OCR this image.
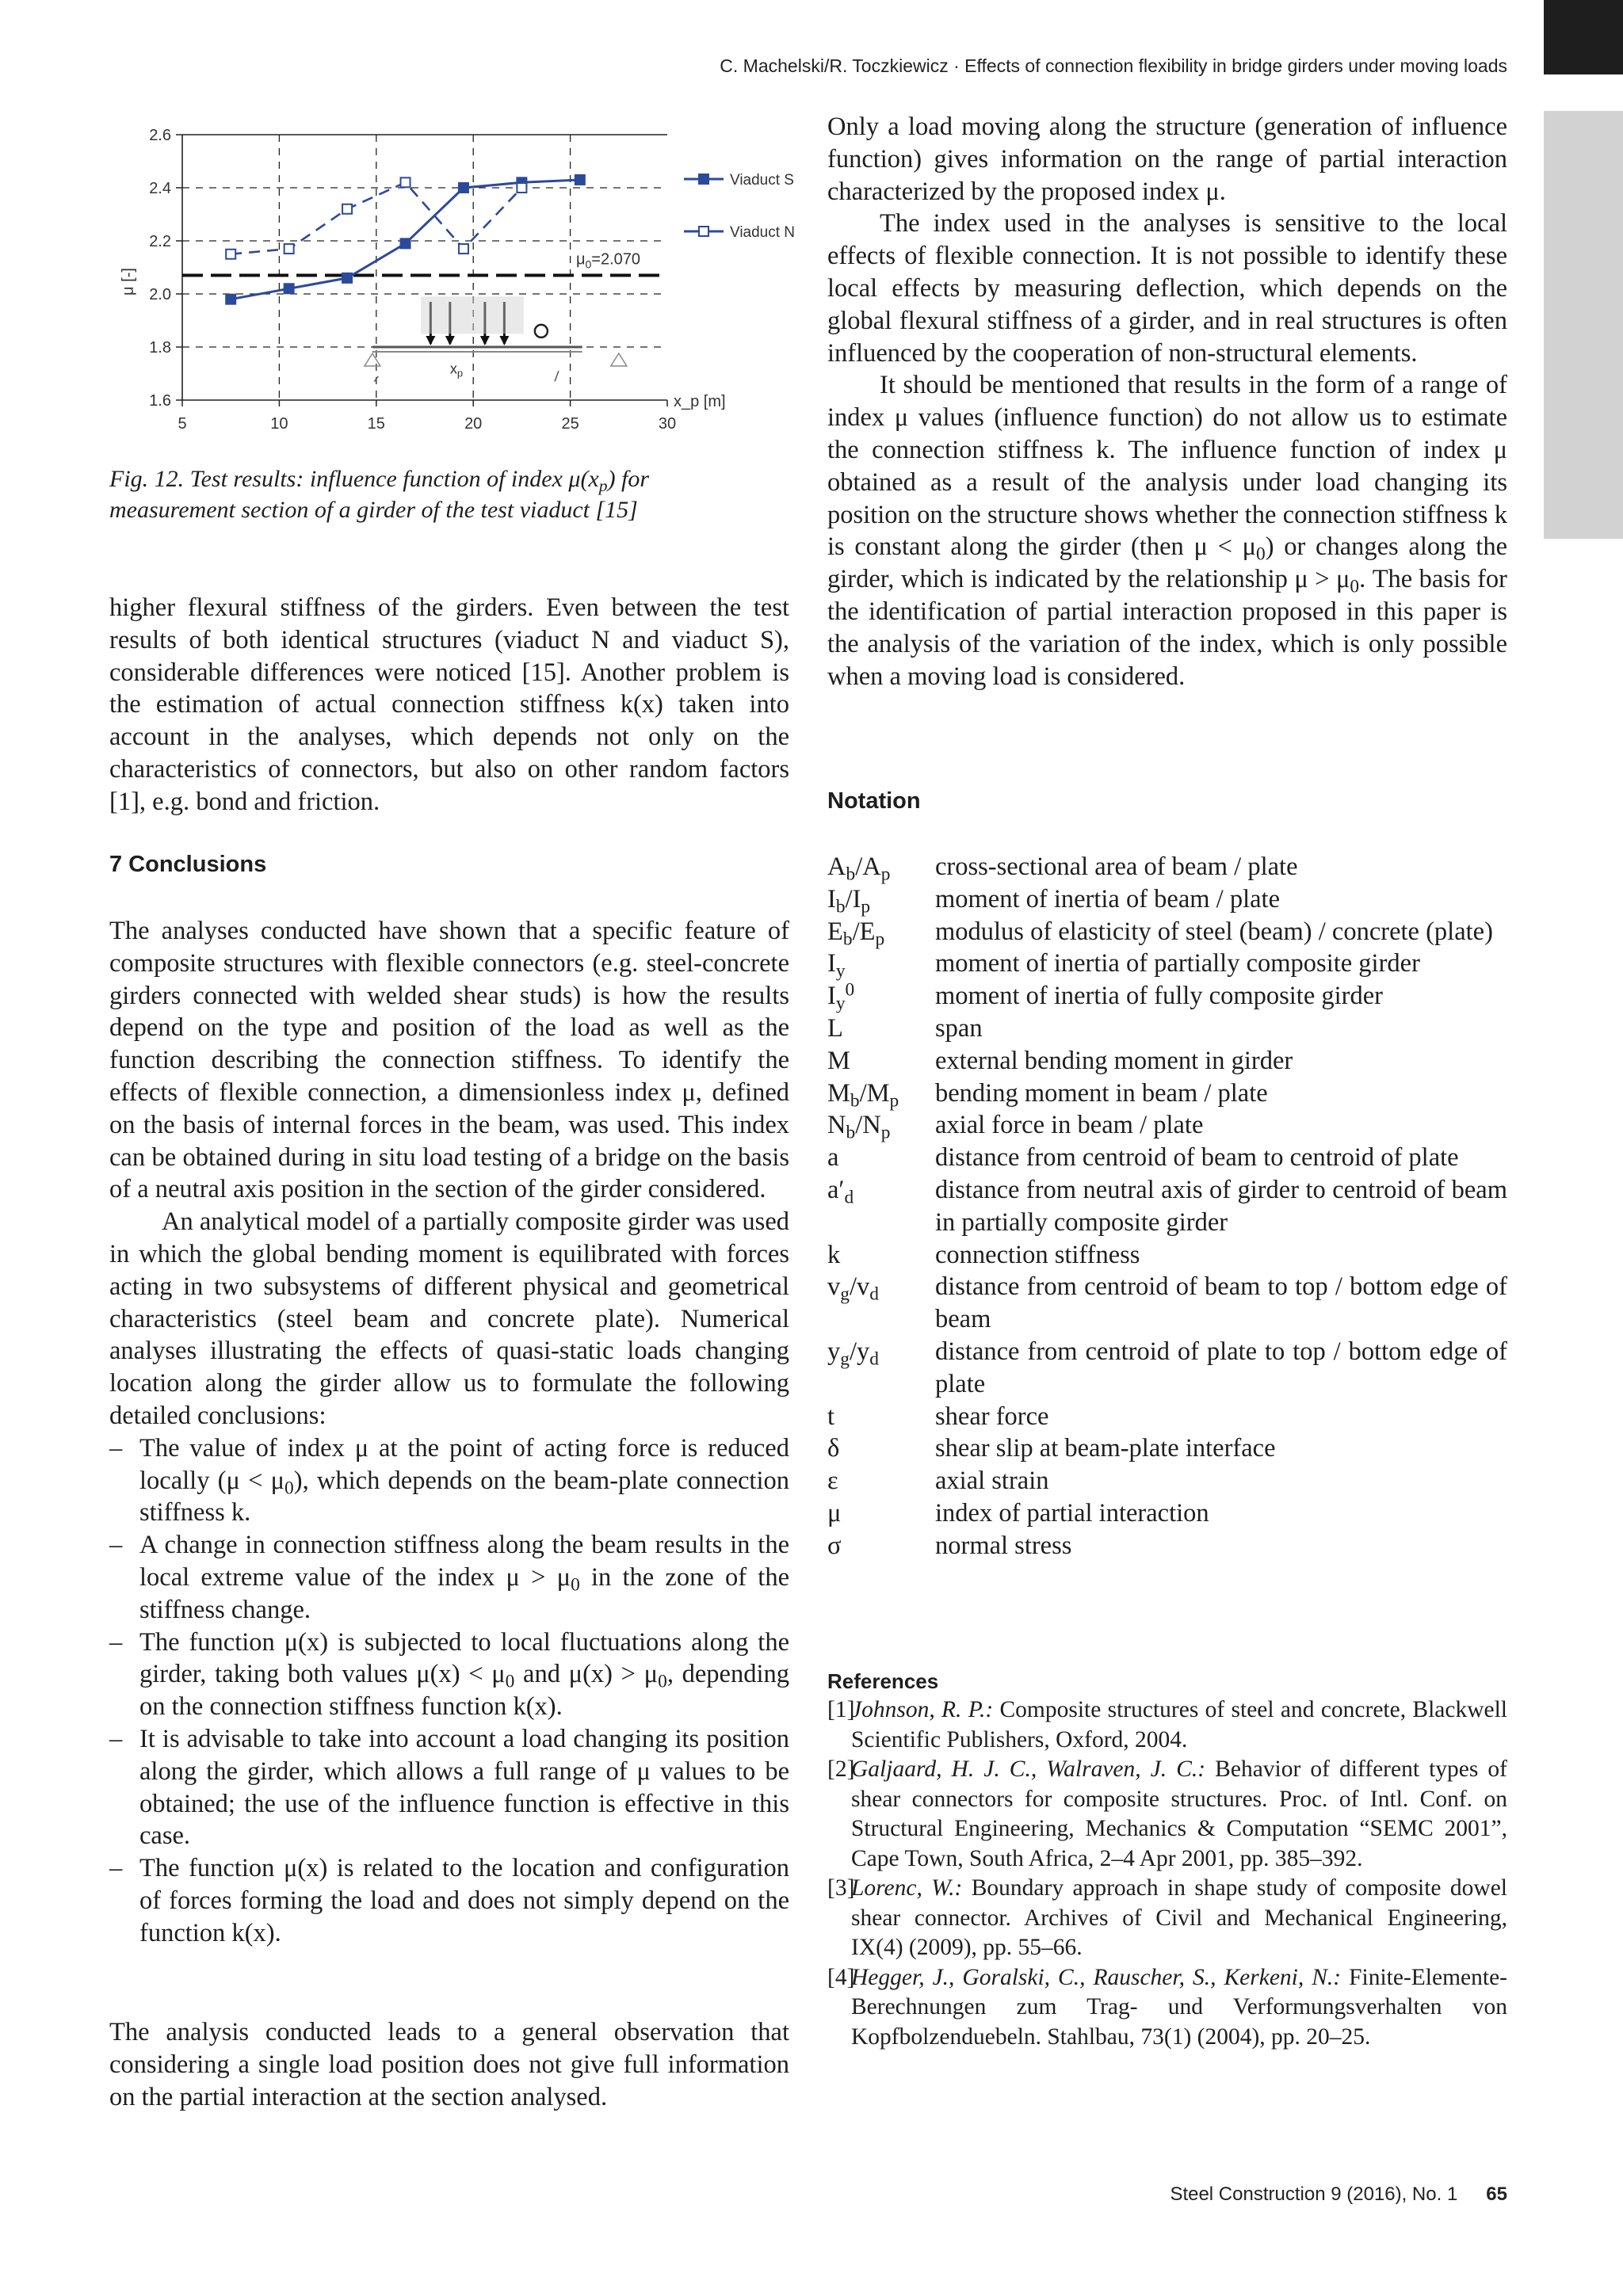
C. Machelski/R. Toczkiewicz · Effects of connection flexibility in bridge girders under moving loads
1.6
1.8
2.0
2.2
2.4
2.6
5	10	15	20	25	30
μ [-]
x_p [m]
$\mu_0=2.070$
$x_p$
Viaduct S
Viaduct N
Fig. 12. Test results: influence function of index $\mu(x_p)$ for measurement section of a girder of the test viaduct [15]

higher flexural stiffness of the girders. Even between the test results of both identical structures (viaduct N and viaduct S), considerable differences were noticed [15]. Another problem is the estimation of actual connection stiffness k(x) taken into account in the analyses, which depends not only on the characteristics of connectors, but also on other random factors [1], e.g. bond and friction.

7 Conclusions

The analyses conducted have shown that a specific feature of composite structures with flexible connectors (e.g. steel-concrete girders connected with welded shear studs) is how the results depend on the type and position of the load as well as the function describing the connection stiffness. To identify the effects of flexible connection, a dimensionless index μ, defined on the basis of internal forces in the beam, was used. This index can be obtained during in situ load testing of a bridge on the basis of a neutral axis position in the section of the girder considered.

An analytical model of a partially composite girder was used in which the global bending moment is equilibrated with forces acting in two subsystems of different physical and geometrical characteristics (steel beam and concrete plate). Numerical analyses illustrating the effects of quasi-static loads changing location along the girder allow us to formulate the following detailed conclusions:

– The value of index μ at the point of acting force is reduced locally $(\mu < \mu_0)$, which depends on the beam-plate connection stiffness k.
– A change in connection stiffness along the beam results in the local extreme value of the index $\mu > \mu_0$ in the zone of the stiffness change.
– The function μ(x) is subjected to local fluctuations along the girder, taking both values $\mu(x) < \mu_0$ and $\mu(x) > \mu_0$, depending on the connection stiffness function k(x).
– It is advisable to take into account a load changing its position along the girder, which allows a full range of μ values to be obtained; the use of the influence function is effective in this case.
– The function μ(x) is related to the location and configuration of forces forming the load and does not simply depend on the function k(x).

The analysis conducted leads to a general observation that considering a single load position does not give full information on the partial interaction at the section analysed.

Only a load moving along the structure (generation of influence function) gives information on the range of partial interaction characterized by the proposed index μ.

The index used in the analyses is sensitive to the local effects of flexible connection. It is not possible to identify these local effects by measuring deflection, which depends on the global flexural stiffness of a girder, and in real structures is often influenced by the cooperation of non-structural elements.

It should be mentioned that results in the form of a range of index μ values (influence function) do not allow us to estimate the connection stiffness k. The influence function of index μ obtained as a result of the analysis under load changing its position on the structure shows whether the connection stiffness k is constant along the girder (then $\mu < \mu_0$) or changes along the girder, which is indicated by the relationship $\mu > \mu_0$. The basis for the identification of partial interaction proposed in this paper is the analysis of the variation of the index, which is only possible when a moving load is considered.

Notation
$A_b/A_p$	cross-sectional area of beam / plate
$I_b/I_p$	moment of inertia of beam / plate
$E_b/E_p$	modulus of elasticity of steel (beam) / concrete (plate)
$I_y$	moment of inertia of partially composite girder
$I_y^0$	moment of inertia of fully composite girder
L	span
M	external bending moment in girder
$M_b/M_p$	bending moment in beam / plate
$N_b/N_p$	axial force in beam / plate
a	distance from centroid of beam to centroid of plate
$a'_d$	distance from neutral axis of girder to centroid of beam in partially composite girder
k	connection stiffness
$v_g/v_d$	distance from centroid of beam to top / bottom edge of beam
$y_g/y_d$	distance from centroid of plate to top / bottom edge of plate
t	shear force
δ	shear slip at beam-plate interface
ε	axial strain
μ	index of partial interaction
σ	normal stress
References
[1]
Johnson, R. P.: Composite structures of steel and concrete, Blackwell Scientific Publishers, Oxford, 2004.
[2]
Galjaard, H. J. C., Walraven, J. C.: Behavior of different types of shear connectors for composite structures. Proc. of Intl. Conf. on Structural Engineering, Mechanics & Computation “SEMC 2001”, Cape Town, South Africa, 2–4 Apr 2001, pp. 385–392.
[3]
Lorenc, W.: Boundary approach in shape study of composite dowel shear connector. Archives of Civil and Mechanical Engineering, IX(4) (2009), pp. 55–66.
[4]
Hegger, J., Goralski, C., Rauscher, S., Kerkeni, N.: Finite-Elemente-Berechnungen zum Trag- und Verformungsverhalten von Kopfbolzenduebeln. Stahlbau, 73(1) (2004), pp. 20–25.
Steel Construction 9 (2016), No. 1 65
